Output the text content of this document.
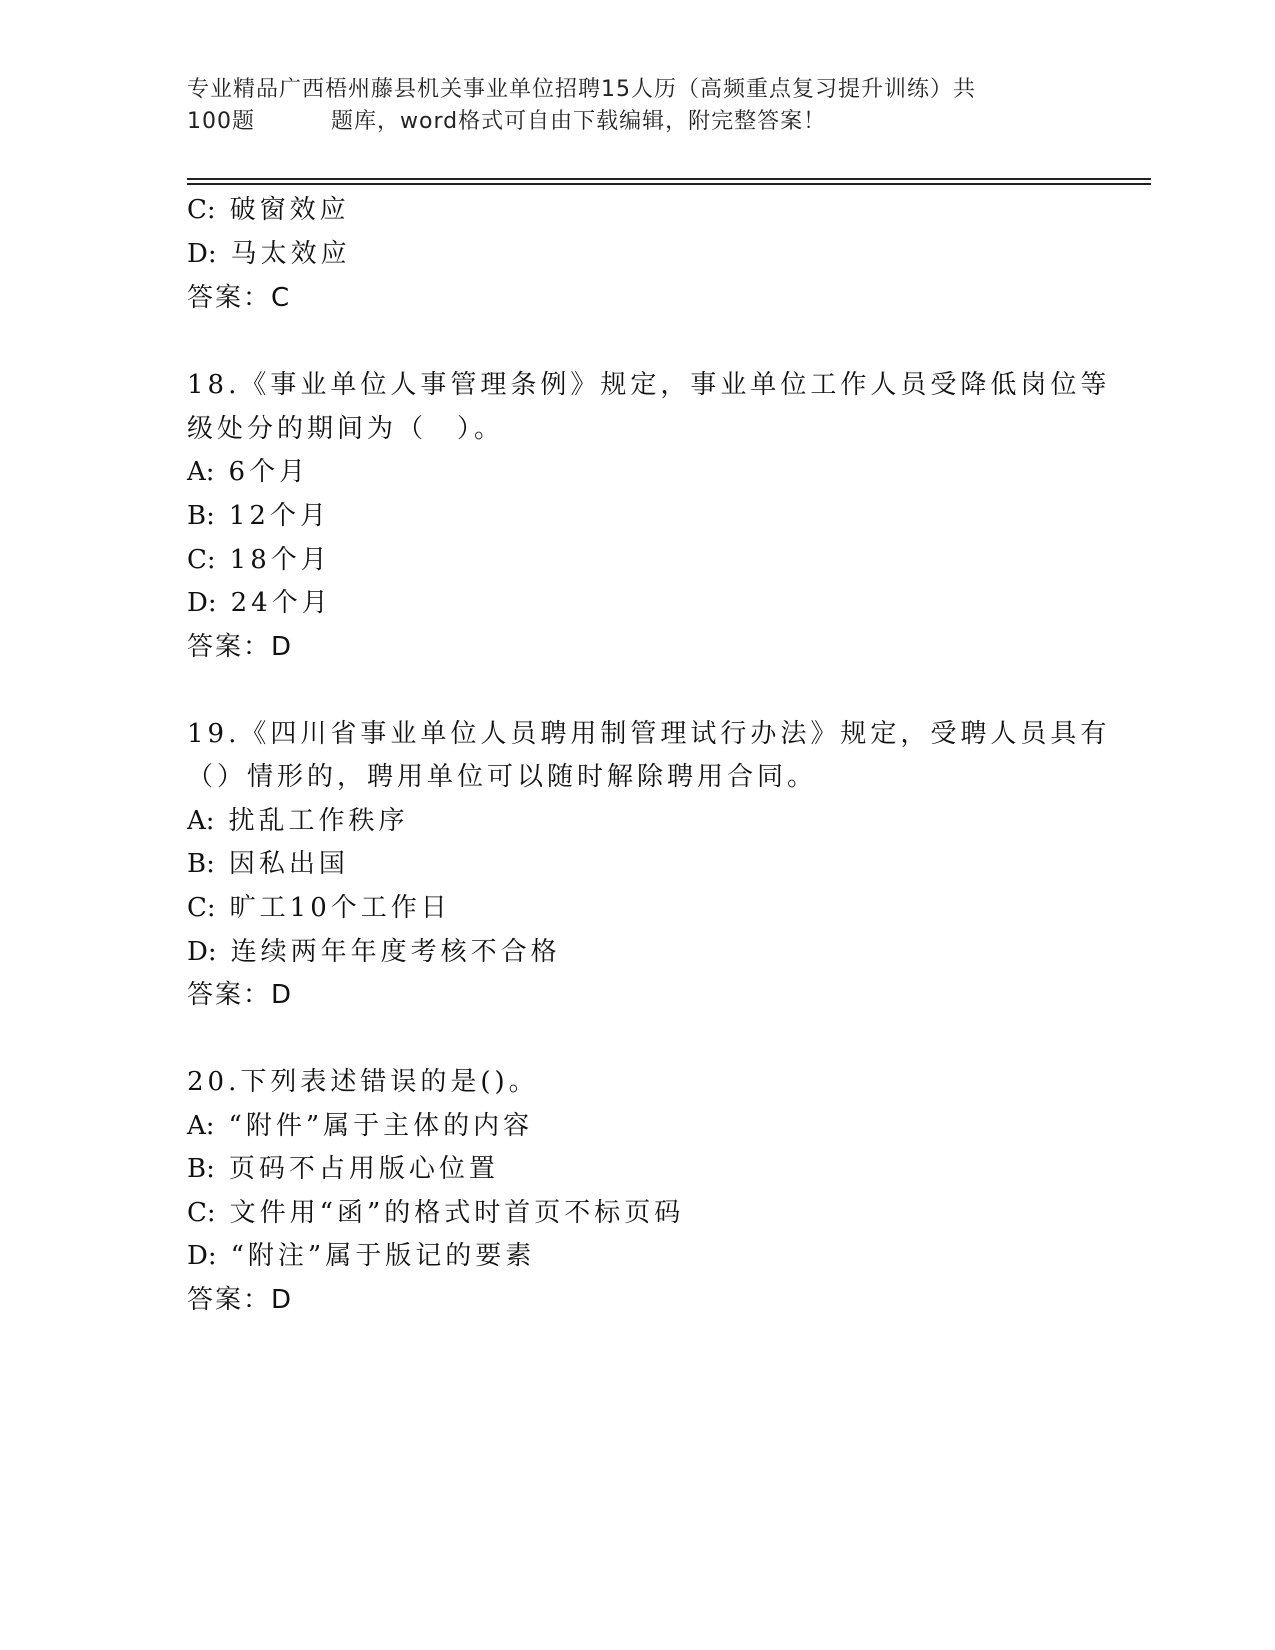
专业精品广西梧州藤县机关事业单位招聘15人历（高频重点复习提升训练）共
100题	题库，word格式可自由下载编辑，附完整答案！
C: 破窗效应
D: 马太效应
答案：C
18.《事业单位人事管理条例》规定，事业单位工作人员受降低岗位等
级处分的期间为（　）。
A: 6个月
B: 12个月
C: 18个月
D: 24个月
答案：D
19.《四川省事业单位人员聘用制管理试行办法》规定，受聘人员具有
（）情形的，聘用单位可以随时解除聘用合同。
A: 扰乱工作秩序
B: 因私出国
C: 旷工10个工作日
D: 连续两年年度考核不合格
答案：D
20.下列表述错误的是()。
A: “附件”属于主体的内容
B: 页码不占用版心位置
C: 文件用“函”的格式时首页不标页码
D: “附注”属于版记的要素
答案：D
